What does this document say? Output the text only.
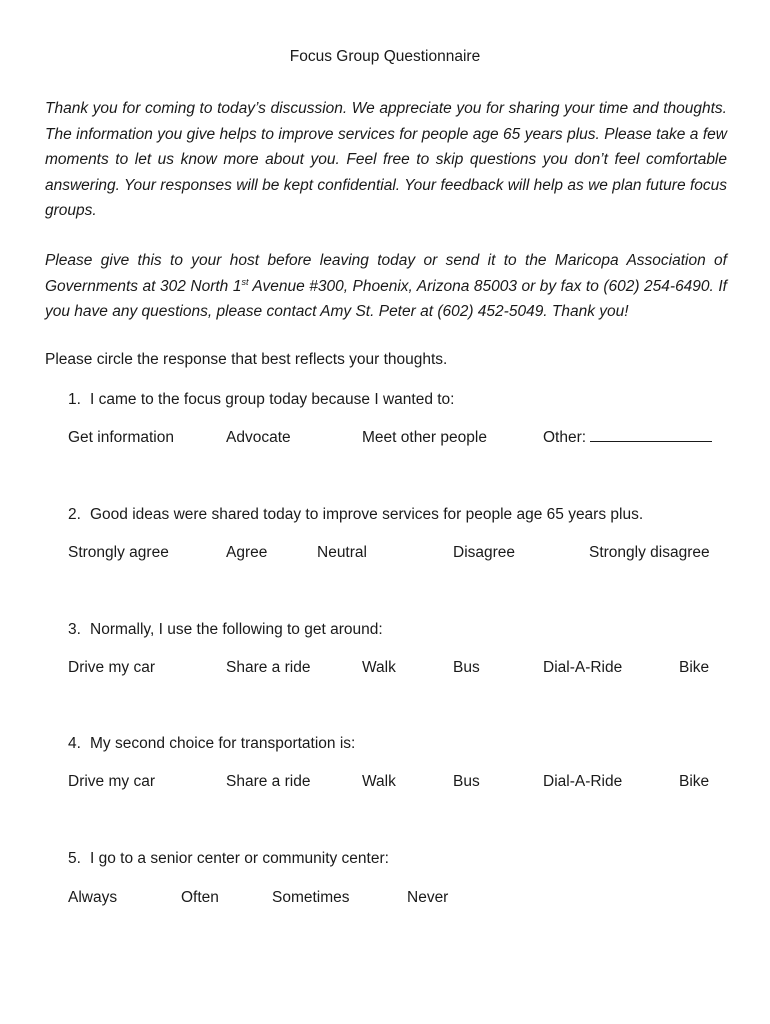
Focus Group Questionnaire

Thank you for coming to today’s discussion. We appreciate you for sharing your time and thoughts. The information you give helps to improve services for people age 65 years plus. Please take a few moments to let us know more about you. Feel free to skip questions you don’t feel comfortable answering. Your responses will be kept confidential. Your feedback will help as we plan future focus groups.

Please give this to your host before leaving today or send it to the Maricopa Association of Governments at 302 North 1st Avenue #300, Phoenix, Arizona 85003 or by fax to (602) 254-6490. If you have any questions, please contact Amy St. Peter at (602) 452-5049. Thank you!

Please circle the response that best reflects your thoughts.
1. I came to the focus group today because I wanted to:
Get information	Advocate	Meet other people	Other:
2. Good ideas were shared today to improve services for people age 65 years plus.
Strongly agree	Agree	Neutral	Disagree	Strongly disagree
3. Normally, I use the following to get around:
Drive my car	Share a ride	Walk	Bus	Dial-A-Ride	Bike
4. My second choice for transportation is:
Drive my car	Share a ride	Walk	Bus	Dial-A-Ride	Bike
5. I go to a senior center or community center:
Always	Often	Sometimes	Never
